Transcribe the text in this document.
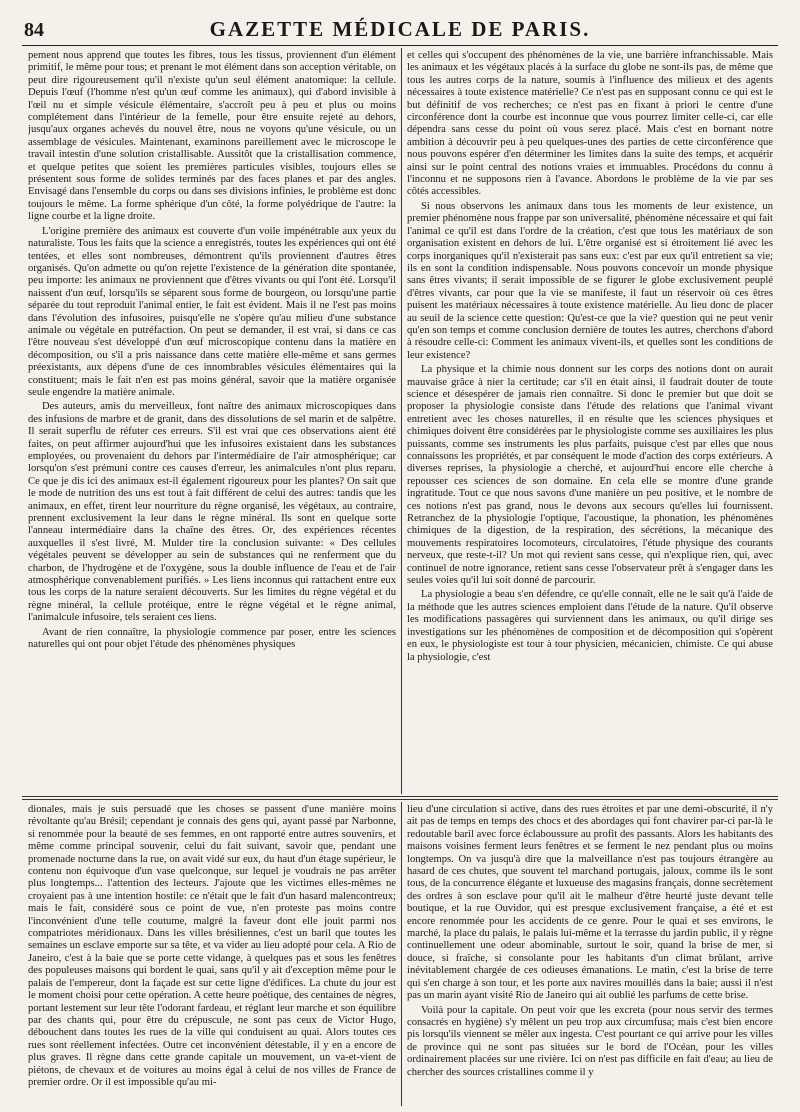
84	GAZETTE MÉDICALE DE PARIS.

pement nous apprend que toutes les fibres, tous les tissus, proviennent d'un élément primitif, le même pour tous; et prenant le mot élément dans son acception véritable, on peut dire rigoureusement qu'il n'existe qu'un seul élément anatomique: la cellule. Depuis l'œuf (l'homme n'est qu'un œuf comme les animaux), qui d'abord invisible à l'œil nu et simple vésicule élémentaire, s'accroît peu à peu et plus ou moins complétement dans l'intérieur de la femelle, pour être ensuite rejeté au dehors, jusqu'aux organes achevés du nouvel être, nous ne voyons qu'une vésicule, ou un assemblage de vésicules. Maintenant, examinons pareillement avec le microscope le travail intestin d'une solution cristallisable. Aussitôt que la cristallisation commence, et quelque petites que soient les premières particules visibles, toujours elles se présentent sous forme de solides terminés par des faces planes et par des angles. Envisagé dans l'ensemble du corps ou dans ses divisions infinies, le problème est donc toujours le même. La forme sphérique d'un côté, la forme polyédrique de l'autre: la ligne courbe et la ligne droite.

L'origine première des animaux est couverte d'un voile impénétrable aux yeux du naturaliste. Tous les faits que la science a enregistrés, toutes les expériences qui ont été tentées, et elles sont nombreuses, démontrent qu'ils proviennent d'autres êtres organisés. Qu'on admette ou qu'on rejette l'existence de la génération dite spontanée, peu importe: les animaux ne proviennent que d'êtres vivants ou qui l'ont été. Lorsqu'il naissent d'un œuf, lorsqu'ils se séparent sous forme de bourgeon, ou lorsqu'une partie séparée du tout reproduit l'animal entier, le fait est évident. Mais il ne l'est pas moins dans l'évolution des infusoires, puisqu'elle ne s'opère qu'au milieu d'une substance animale ou végétale en putréfaction. On peut se demander, il est vrai, si dans ce cas l'être nouveau s'est développé d'un œuf microscopique contenu dans la matière en décomposition, ou s'il a pris naissance dans cette matière elle-même et sans germes préexistants, aux dépens d'une de ces innombrables vésicules élémentaires qui la constituent; mais le fait n'en est pas moins général, savoir que la matière organisée seule engendre la matière animale.

Des auteurs, amis du merveilleux, font naître des animaux microscopiques dans des infusions de marbre et de granit, dans des dissolutions de sel marin et de salpêtre. Il serait superflu de réfuter ces erreurs. S'il est vrai que ces observations aient été faites, on peut affirmer aujourd'hui que les infusoires existaient dans les substances employées, ou provenaient du dehors par l'intermédiaire de l'air atmosphérique; car lorsqu'on s'est prémuni contre ces causes d'erreur, les animalcules n'ont plus reparu. Ce que je dis ici des animaux est-il également rigoureux pour les plantes? On sait que le mode de nutrition des uns est tout à fait différent de celui des autres: tandis que les animaux, en effet, tirent leur nourriture du règne organisé, les végétaux, au contraire, prennent exclusivement la leur dans le règne minéral. Ils sont en quelque sorte l'anneau intermédiaire dans la chaîne des êtres. Or, des expériences récentes auxquelles il s'est livré, M. Mulder tire la conclusion suivante: « Des cellules végétales peuvent se développer au sein de substances qui ne renferment que du charbon, de l'hydrogène et de l'oxygène, sous la double influence de l'eau et de l'air atmosphérique convenablement purifiés. » Les liens inconnus qui rattachent entre eux tous les corps de la nature seraient découverts. Sur les limites du règne végétal et du règne minéral, la cellule protéique, entre le règne végétal et le règne animal, l'animalcule infusoire, tels seraient ces liens.

Avant de rien connaître, la physiologie commence par poser, entre les sciences naturelles qui ont pour objet l'étude des phénomènes physiques

et celles qui s'occupent des phénomènes de la vie, une barrière infranchissable. Mais les animaux et les végétaux placés à la surface du globe ne sont-ils pas, de même que tous les autres corps de la nature, soumis à l'influence des milieux et des agents nécessaires à toute existence matérielle? Ce n'est pas en supposant connu ce qui est le but définitif de vos recherches; ce n'est pas en fixant à priori le centre d'une circonférence dont la courbe est inconnue que vous pourrez limiter celle-ci, car elle dépendra sans cesse du point où vous serez placé. Mais c'est en bornant notre ambition à découvrir peu à peu quelques-unes des parties de cette circonférence que nous pouvons espérer d'en déterminer les limites dans la suite des temps, et acquérir ainsi sur le point central des notions vraies et immuables. Procédons du connu à l'inconnu et ne supposons rien à l'avance. Abordons le problème de la vie par ses côtés accessibles.

Si nous observons les animaux dans tous les moments de leur existence, un premier phénomène nous frappe par son universalité, phénomène nécessaire et qui fait l'animal ce qu'il est dans l'ordre de la création, c'est que tous les matériaux de son organisation existent en dehors de lui. L'être organisé est si étroitement lié avec les corps inorganiques qu'il n'existerait pas sans eux: c'est par eux qu'il entretient sa vie; ils en sont la condition indispensable. Nous pouvons concevoir un monde physique sans êtres vivants; il serait impossible de se figurer le globe exclusivement peuplé d'êtres vivants, car pour que la vie se manifeste, il faut un réservoir où ces êtres puisent les matériaux nécessaires à toute existence matérielle. Au lieu donc de placer au seuil de la science cette question: Qu'est-ce que la vie? question qui ne peut venir qu'en son temps et comme conclusion dernière de toutes les autres, cherchons d'abord à résoudre celle-ci: Comment les animaux vivent-ils, et quelles sont les conditions de leur existence?

La physique et la chimie nous donnent sur les corps des notions dont on aurait mauvaise grâce à nier la certitude; car s'il en était ainsi, il faudrait douter de toute science et désespérer de jamais rien connaître. Si donc le premier but que doit se proposer la physiologie consiste dans l'étude des relations que l'animal vivant entretient avec les choses naturelles, il en résulte que les sciences physiques et chimiques doivent être considérées par le physiologiste comme ses auxiliaires les plus puissants, comme ses instruments les plus parfaits, puisque c'est par elles que nous connaissons les propriétés, et par conséquent le mode d'action des corps extérieurs. A diverses reprises, la physiologie a cherché, et aujourd'hui encore elle cherche à repousser ces sciences de son domaine. En cela elle se montre d'une grande ingratitude. Tout ce que nous savons d'une manière un peu positive, et le nombre de ces notions n'est pas grand, nous le devons aux secours qu'elles lui fournissent. Retranchez de la physiologie l'optique, l'acoustique, la phonation, les phénomènes chimiques de la digestion, de la respiration, des sécrétions, la mécanique des mouvements respiratoires locomoteurs, circulatoires, l'étude physique des courants nerveux, que reste-t-il? Un mot qui revient sans cesse, qui n'explique rien, qui, avec continuel de notre ignorance, retient sans cesse l'observateur prêt à s'engager dans les seules voies qu'il lui soit donné de parcourir.

La physiologie a beau s'en défendre, ce qu'elle connaît, elle ne le sait qu'à l'aide de la méthode que les autres sciences emploient dans l'étude de la nature. Qu'il observe les modifications passagères qui surviennent dans les animaux, ou qu'il dirige ses investigations sur les phénomènes de composition et de décomposition qui s'opèrent en eux, le physiologiste est tour à tour physicien, mécanicien, chimiste. Ce qui abuse la physiologie, c'est

dionales, mais je suis persuadé que les choses se passent d'une manière moins révoltante qu'au Brésil; cependant je connais des gens qui, ayant passé par Narbonne, si renommée pour la beauté de ses femmes, en ont rapporté entre autres souvenirs, et même comme principal souvenir, celui du fait suivant, savoir que, pendant une promenade nocturne dans la rue, on avait vidé sur eux, du haut d'un étage supérieur, le contenu non équivoque d'un vase quelconque, sur lequel je voudrais ne pas arrêter plus longtemps... l'attention des lecteurs. J'ajoute que les victimes elles-mêmes ne croyaient pas à une intention hostile: ce n'était que le fait d'un hasard malencontreux; mais le fait, considéré sous ce point de vue, n'en proteste pas moins contre l'inconvénient d'une telle coutume, malgré la faveur dont elle jouit parmi nos compatriotes méridionaux. Dans les villes brésiliennes, c'est un baril que toutes les semaines un esclave emporte sur sa tête, et va vider au lieu adopté pour cela. A Rio de Janeiro, c'est à la baie que se porte cette vidange, à quelques pas et sous les fenêtres des populeuses maisons qui bordent le quai, sans qu'il y ait d'exception même pour le palais de l'empereur, dont la façade est sur cette ligne d'édifices. La chute du jour est le moment choisi pour cette opération. A cette heure poétique, des centaines de nègres, portant lestement sur leur tête l'odorant fardeau, et réglant leur marche et son équilibre par des chants qui, pour être du crépuscule, ne sont pas ceux de Victor Hugo, débouchent dans toutes les rues de la ville qui conduisent au quai. Alors toutes ces rues sont réellement infectées. Outre cet inconvénient détestable, il y en a encore de plus graves. Il règne dans cette grande capitale un mouvement, un va-et-vient de piétons, de chevaux et de voitures au moins égal à celui de nos villes de France de premier ordre. Or il est impossible qu'au mi-

lieu d'une circulation si active, dans des rues étroites et par une demi-obscurité, il n'y ait pas de temps en temps des chocs et des abordages qui font chavirer par-ci par-là le redoutable baril avec force éclaboussure au profit des passants. Alors les habitants des maisons voisines ferment leurs fenêtres et se ferment le nez pendant plus ou moins longtemps. On va jusqu'à dire que la malveillance n'est pas toujours étrangère au hasard de ces chutes, que souvent tel marchand portugais, jaloux, comme ils le sont tous, de la concurrence élégante et luxueuse des magasins français, donne secrètement des ordres à son esclave pour qu'il ait le malheur d'être heurté juste devant telle boutique, et la rue Ouvidor, qui est presque exclusivement française, a été et est encore renommée pour les accidents de ce genre. Pour le quai et ses environs, le marché, la place du palais, le palais lui-même et la terrasse du jardin public, il y règne continuellement une odeur abominable, surtout le soir, quand la brise de mer, si douce, si fraîche, si consolante pour les habitants d'un climat brûlant, arrive inévitablement chargée de ces odieuses émanations. Le matin, c'est la brise de terre qui s'en charge à son tour, et les porte aux navires mouillés dans la baie; aussi il n'est pas un marin ayant visité Rio de Janeiro qui ait oublié les parfums de cette brise.

Voilà pour la capitale. On peut voir que les excreta (pour nous servir des termes consacrés en hygiène) s'y mêlent un peu trop aux circumfusa; mais c'est bien encore pis lorsqu'ils viennent se mêler aux ingesta. C'est pourtant ce qui arrive pour les villes de province qui ne sont pas situées sur le bord de l'Océan, pour les villes ordinairement placées sur une rivière. Ici on n'est pas difficile en fait d'eau; au lieu de chercher des sources cristallines comme il y
